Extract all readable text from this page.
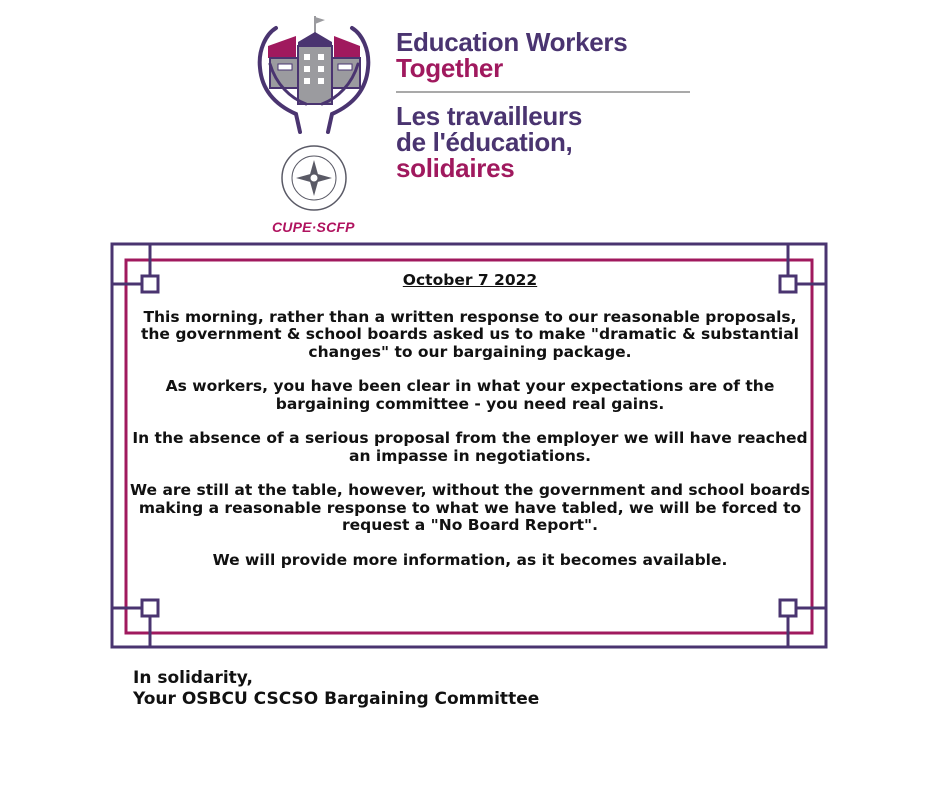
CUPE·SCFP
Education Workers
Together
Les travailleurs
de l'éducation,
solidaires
October 7 2022

This morning, rather than a written response to our reasonable proposals, the government & school boards asked us to make "dramatic & substantial changes" to our bargaining package.

As workers, you have been clear in what your expectations are of the bargaining committee - you need real gains.

In the absence of a serious proposal from the employer we will have reached an impasse in negotiations.

We are still at the table, however, without the government and school boards making a reasonable response to what we have tabled, we will be forced to request a "No Board Report".

We will provide more information, as it becomes available.

In solidarity,
Your OSBCU CSCSO Bargaining Committee
